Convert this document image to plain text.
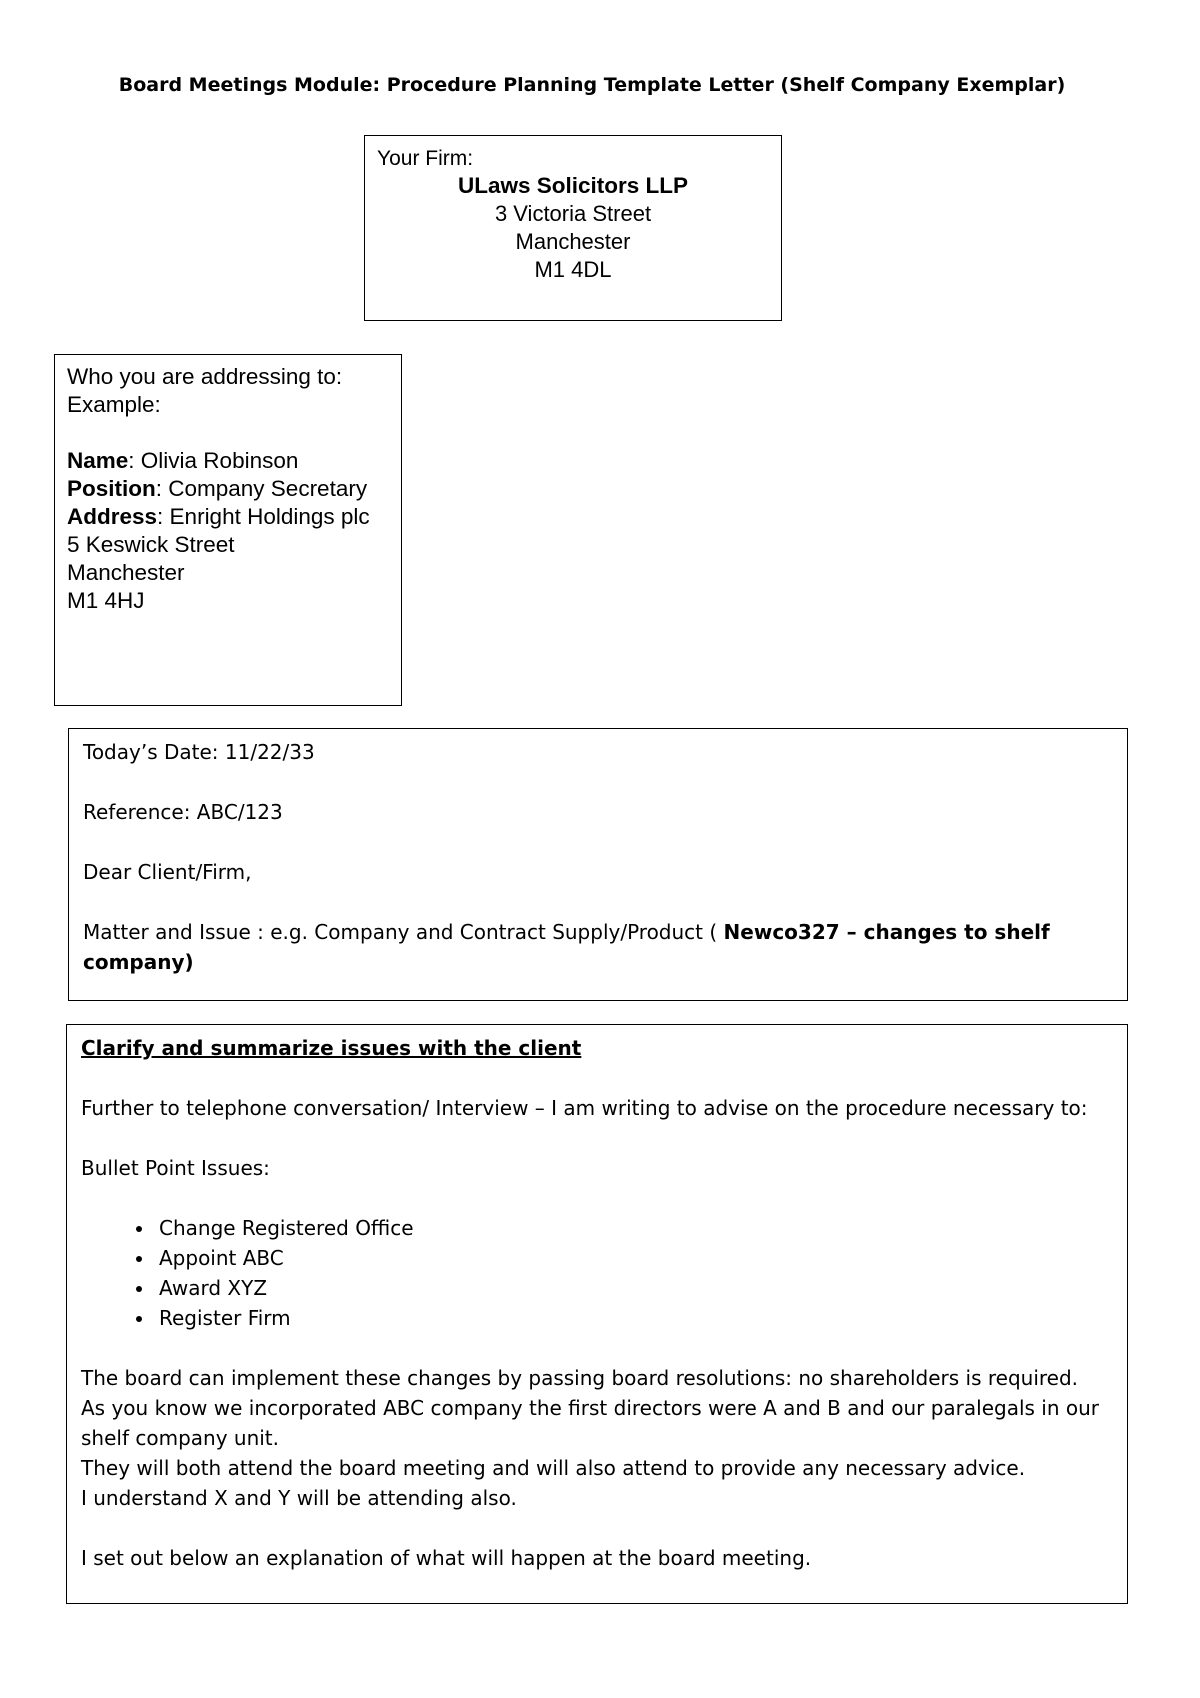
Board Meetings Module: Procedure Planning Template Letter (Shelf Company Exemplar)
Your Firm:
ULaws Solicitors LLP
3 Victoria Street
Manchester
M1 4DL
Who you are addressing to:
Example:
Name: Olivia Robinson
Position: Company Secretary
Address: Enright Holdings plc
5 Keswick Street
Manchester
M1 4HJ

Today’s Date: 11/22/33

Reference: ABC/123

Dear Client/Firm,

Matter and Issue : e.g. Company and Contract Supply/Product ( Newco327 – changes to shelf company)

Clarify and summarize issues with the client

Further to telephone conversation/ Interview – I am writing to advise on the procedure necessary to:

Bullet Point Issues:

• Change Registered Office
• Appoint ABC
• Award XYZ
• Register Firm

The board can implement these changes by passing board resolutions: no shareholders is required.

As you know we incorporated ABC company the first directors were A and B and our paralegals in our shelf company unit.

They will both attend the board meeting and will also attend to provide any necessary advice.

I understand X and Y will be attending also.

I set out below an explanation of what will happen at the board meeting.
